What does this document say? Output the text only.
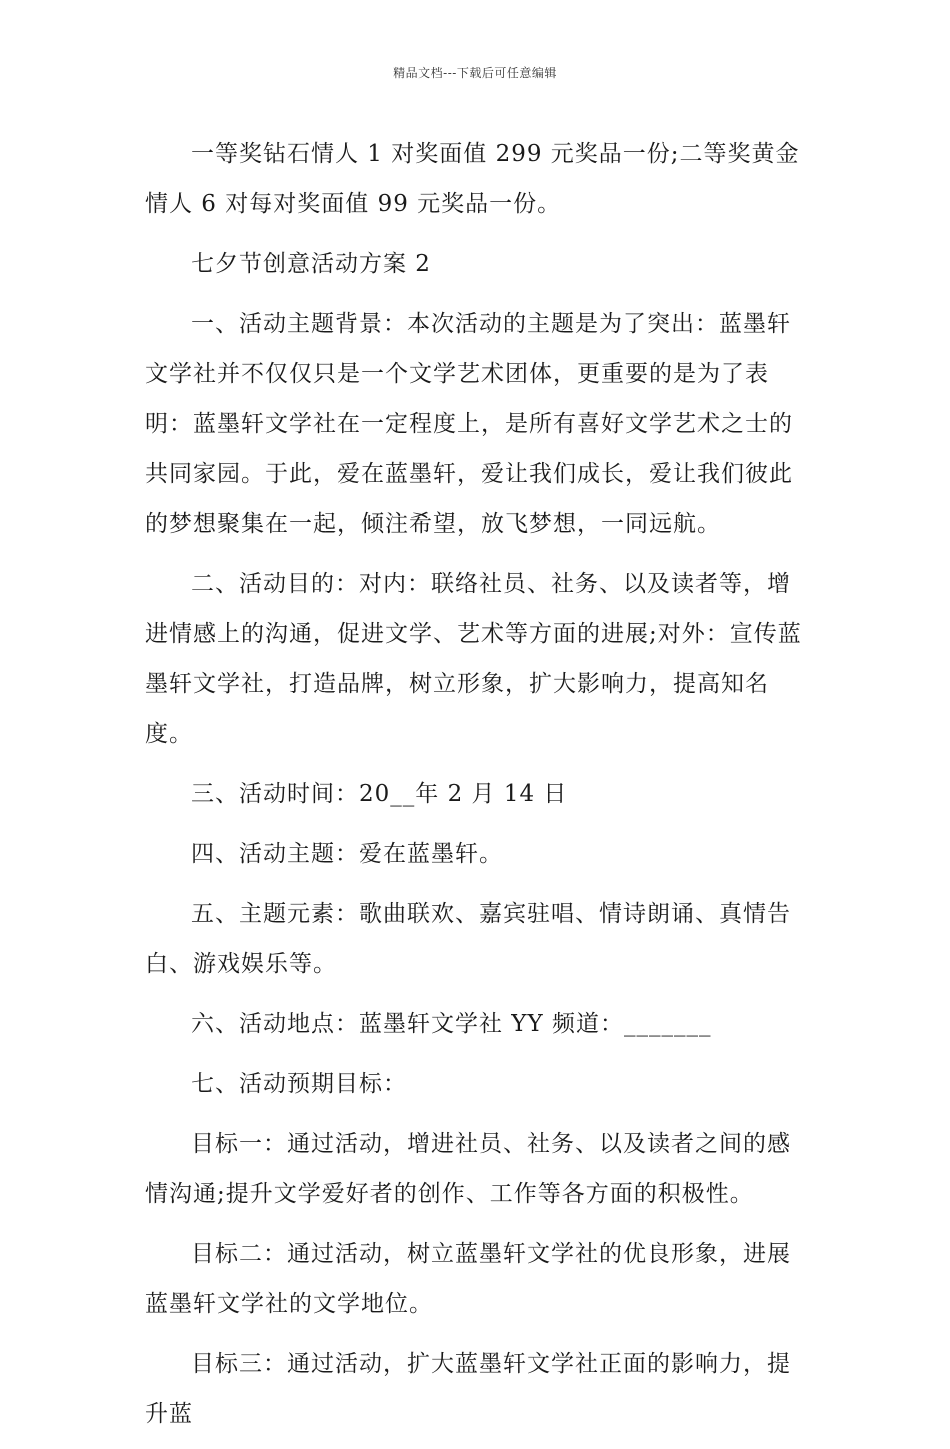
精品文档---下载后可任意编辑

一等奖钻石情人 1 对奖面值 299 元奖品一份;二等奖黄金情人 6 对每对奖面值 99 元奖品一份。

七夕节创意活动方案 2

一、活动主题背景：本次活动的主题是为了突出：蓝墨轩文学社并不仅仅只是一个文学艺术团体，更重要的是为了表明：蓝墨轩文学社在一定程度上，是所有喜好文学艺术之士的共同家园。于此，爱在蓝墨轩，爱让我们成长，爱让我们彼此的梦想聚集在一起，倾注希望，放飞梦想，一同远航。

二、活动目的：对内：联络社员、社务、以及读者等，增进情感上的沟通，促进文学、艺术等方面的进展;对外：宣传蓝墨轩文学社，打造品牌，树立形象，扩大影响力，提高知名度。

三、活动时间：20__年 2 月 14 日

四、活动主题：爱在蓝墨轩。

五、主题元素：歌曲联欢、嘉宾驻唱、情诗朗诵、真情告白、游戏娱乐等。

六、活动地点：蓝墨轩文学社 YY 频道：_______

七、活动预期目标：

目标一：通过活动，增进社员、社务、以及读者之间的感情沟通;提升文学爱好者的创作、工作等各方面的积极性。

目标二：通过活动，树立蓝墨轩文学社的优良形象，进展蓝墨轩文学社的文学地位。

目标三：通过活动，扩大蓝墨轩文学社正面的影响力，提升蓝
